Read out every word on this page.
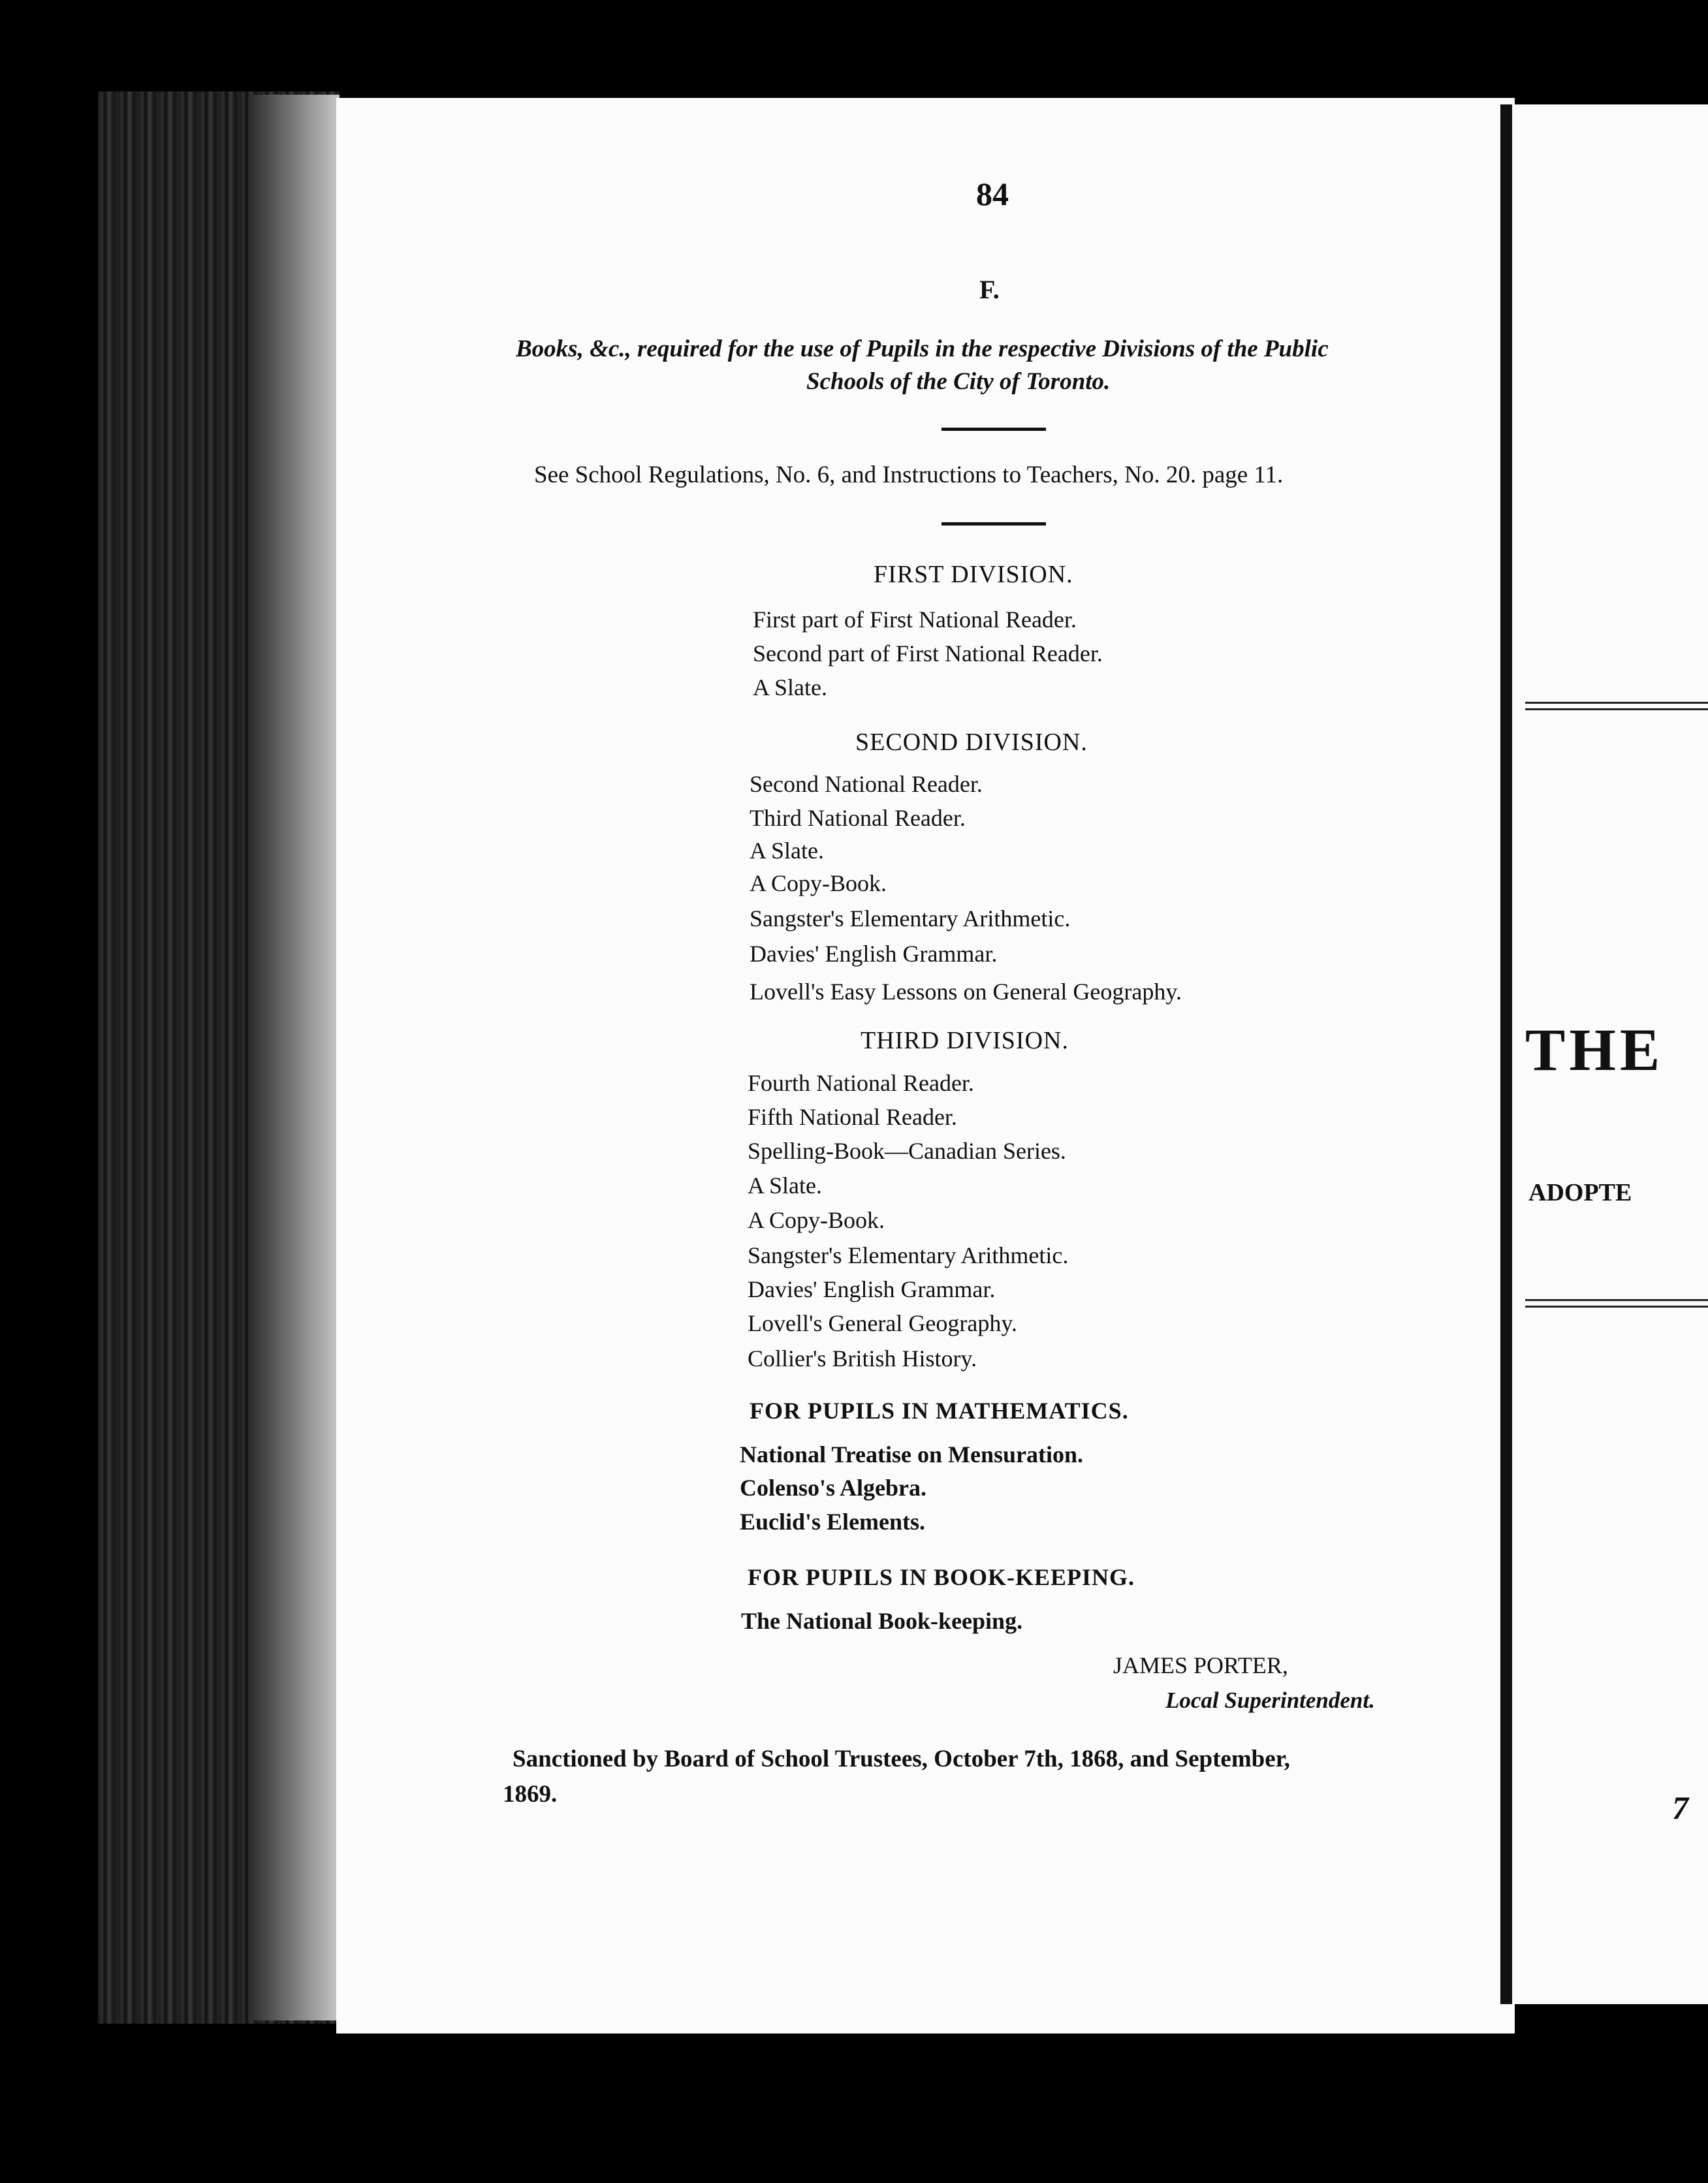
84
F.
Books, &c., required for the use of Pupils in the respective Divisions of the Public
Schools of the City of Toronto.
See School Regulations, No. 6, and Instructions to Teachers, No. 20. page 11.
FIRST DIVISION.
First part of First National Reader.
Second part of First National Reader.
A Slate.
SECOND DIVISION.
Second National Reader.
Third National Reader.
A Slate.
A Copy-Book.
Sangster's Elementary Arithmetic.
Davies' English Grammar.
Lovell's Easy Lessons on General Geography.
THIRD DIVISION.
Fourth National Reader.
Fifth National Reader.
Spelling-Book—Canadian Series.
A Slate.
A Copy-Book.
Sangster's Elementary Arithmetic.
Davies' English Grammar.
Lovell's General Geography.
Collier's British History.
FOR PUPILS IN MATHEMATICS.
National Treatise on Mensuration.
Colenso's Algebra.
Euclid's Elements.
FOR PUPILS IN BOOK-KEEPING.
The National Book-keeping.
JAMES PORTER,
Local Superintendent.
Sanctioned by Board of School Trustees, October 7th, 1868, and September,
1869.
THE
ADOPTE
7
